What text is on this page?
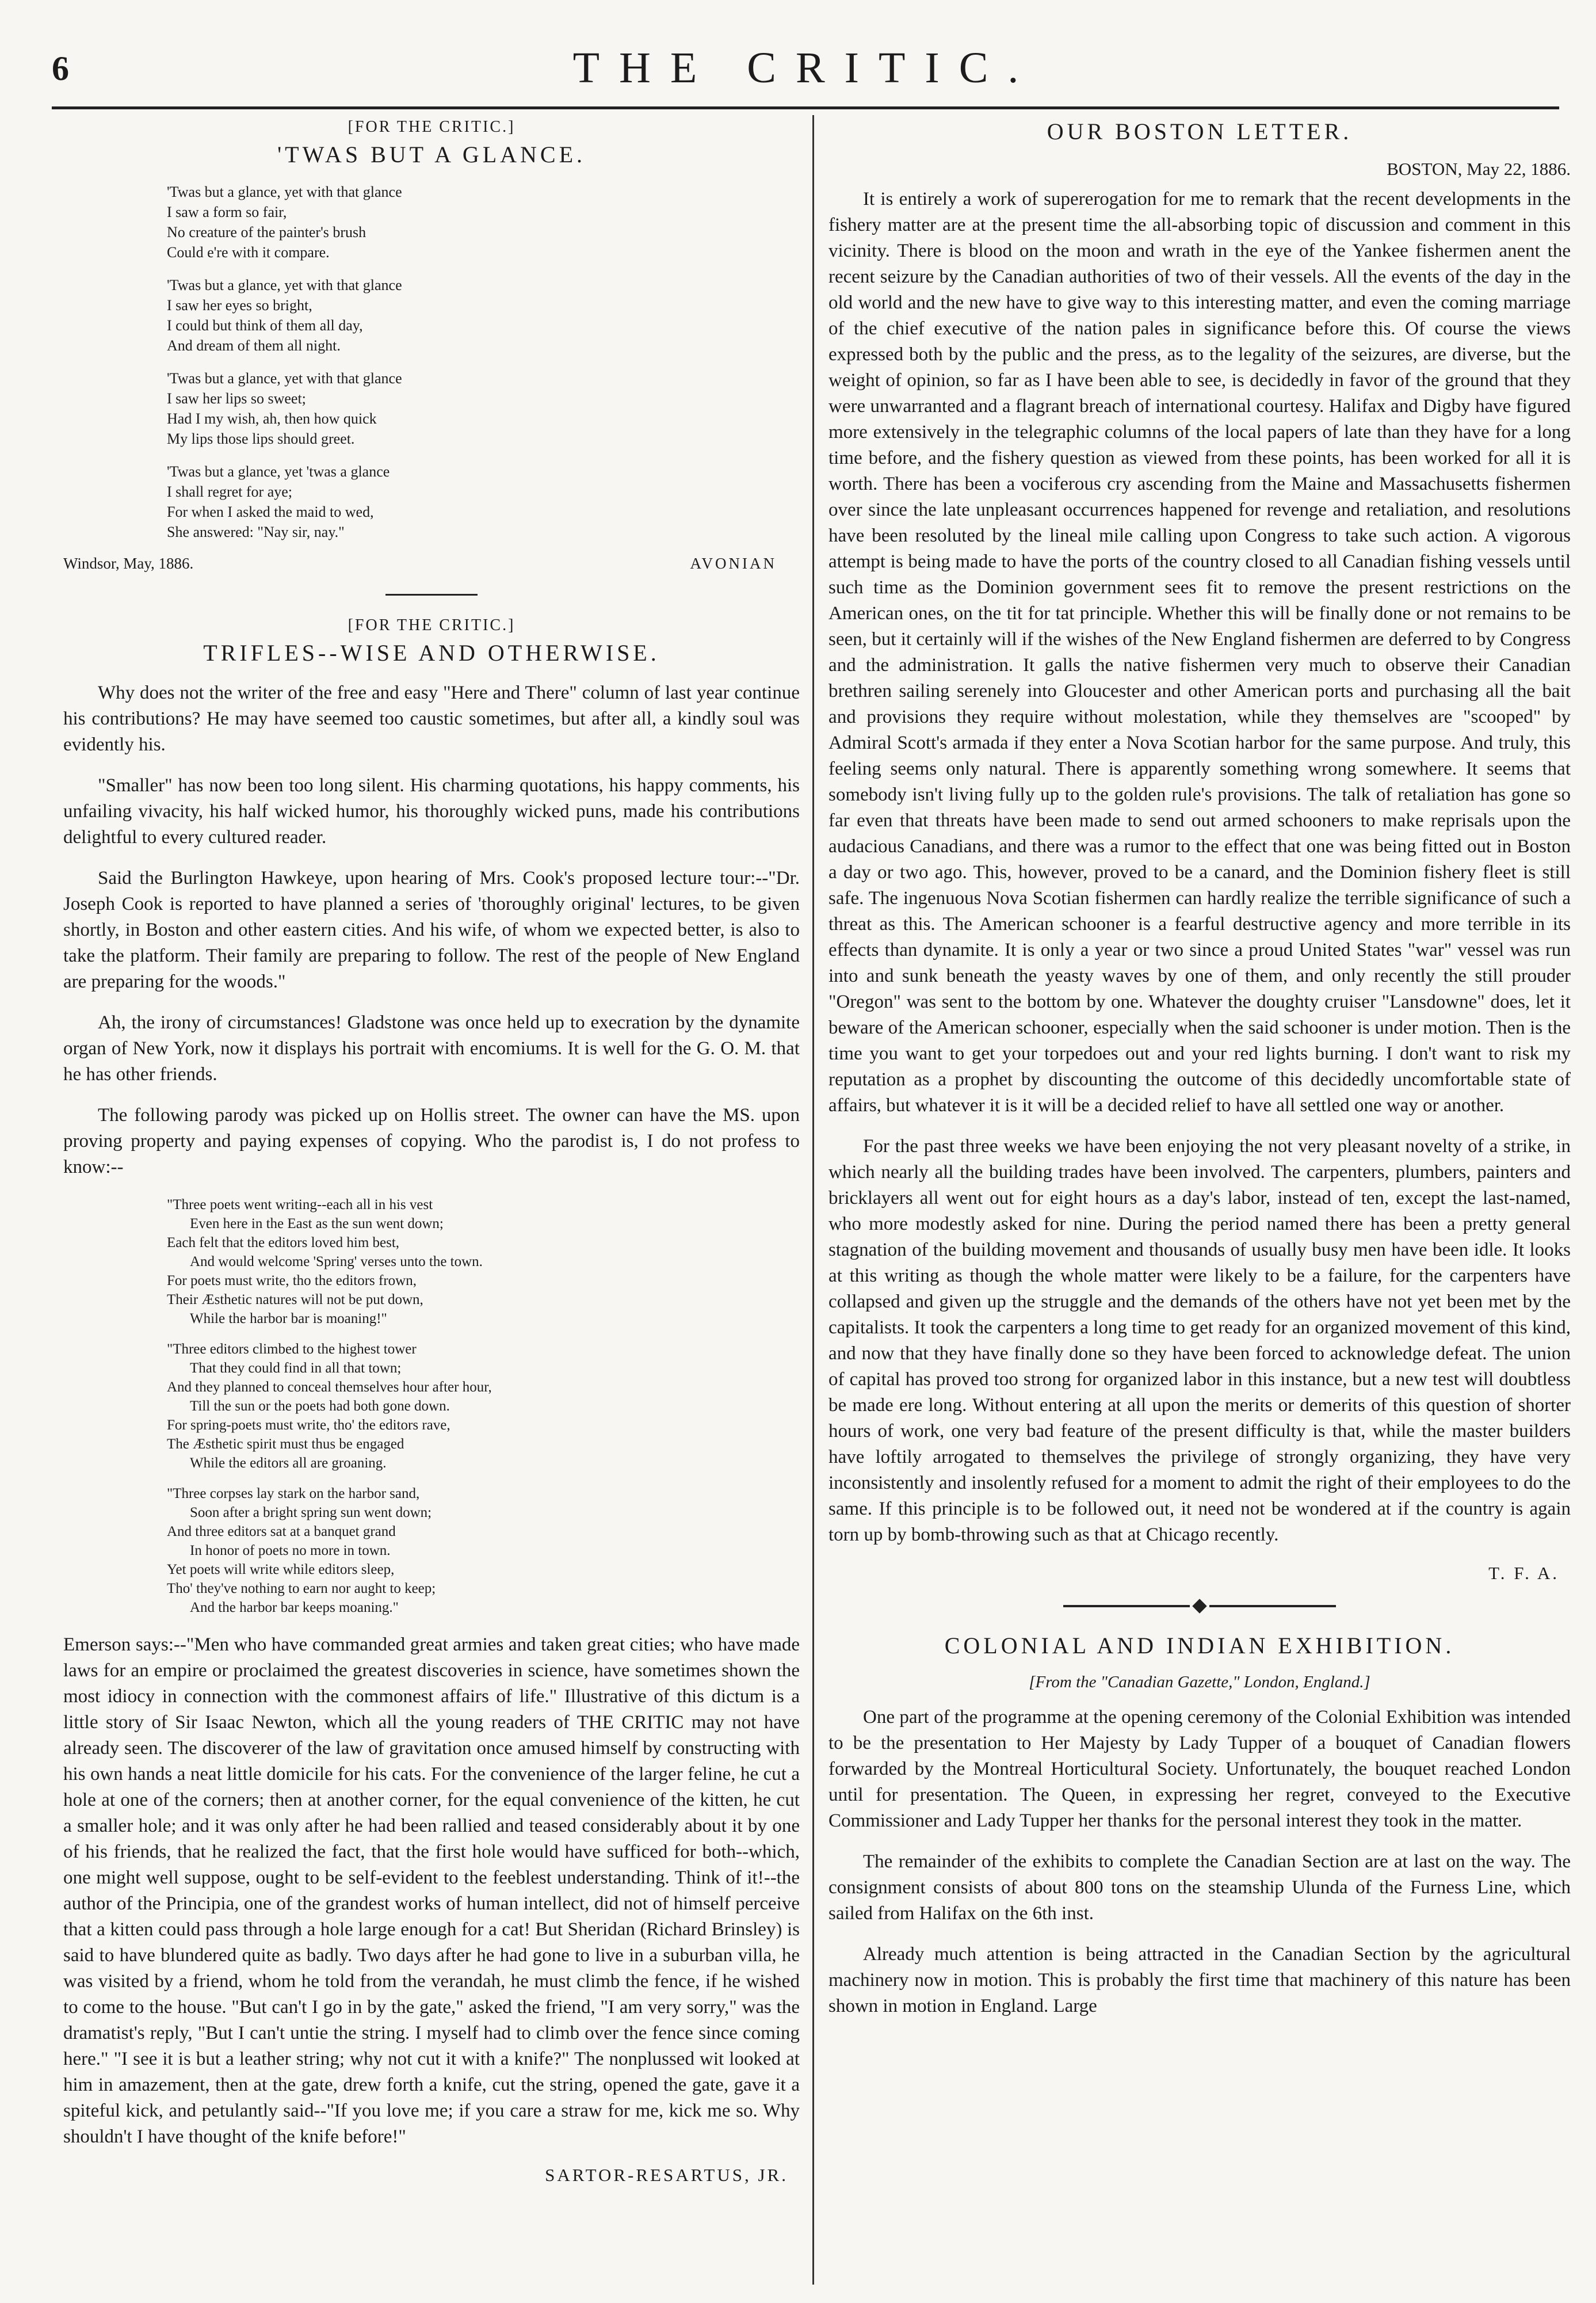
6	THE CRITIC.
[FOR THE CRITIC.]
'TWAS BUT A GLANCE.
'Twas but a glance, yet with that glance
I saw a form so fair,
No creature of the painter's brush
Could e're with it compare.
'Twas but a glance, yet with that glance
I saw her eyes so bright,
I could but think of them all day,
And dream of them all night.
'Twas but a glance, yet with that glance
I saw her lips so sweet;
Had I my wish, ah, then how quick
My lips those lips should greet.
'Twas but a glance, yet 'twas a glance
I shall regret for aye;
For when I asked the maid to wed,
She answered: "Nay sir, nay."
Windsor, May, 1886.	AVONIAN
[FOR THE CRITIC.]
TRIFLES--WISE AND OTHERWISE.

Why does not the writer of the free and easy "Here and There" column of last year continue his contributions? He may have seemed too caustic sometimes, but after all, a kindly soul was evidently his.

"Smaller" has now been too long silent. His charming quotations, his happy comments, his unfailing vivacity, his half wicked humor, his thoroughly wicked puns, made his contributions delightful to every cultured reader.

Said the Burlington Hawkeye, upon hearing of Mrs. Cook's proposed lecture tour:--"Dr. Joseph Cook is reported to have planned a series of 'thoroughly original' lectures, to be given shortly, in Boston and other eastern cities. And his wife, of whom we expected better, is also to take the platform. Their family are preparing to follow. The rest of the people of New England are preparing for the woods."

Ah, the irony of circumstances! Gladstone was once held up to execration by the dynamite organ of New York, now it displays his portrait with encomiums. It is well for the G. O. M. that he has other friends.

The following parody was picked up on Hollis street. The owner can have the MS. upon proving property and paying expenses of copying. Who the parodist is, I do not profess to know:--

"Three poets went writing--each all in his vest
Even here in the East as the sun went down;
Each felt that the editors loved him best,
And would welcome 'Spring' verses unto the town.
For poets must write, tho the editors frown,
Their Æsthetic natures will not be put down,
While the harbor bar is moaning!"
"Three editors climbed to the highest tower
That they could find in all that town;
And they planned to conceal themselves hour after hour,
Till the sun or the poets had both gone down.
For spring-poets must write, tho' the editors rave,
The Æsthetic spirit must thus be engaged
While the editors all are groaning.
"Three corpses lay stark on the harbor sand,
Soon after a bright spring sun went down;
And three editors sat at a banquet grand
In honor of poets no more in town.
Yet poets will write while editors sleep,
Tho' they've nothing to earn nor aught to keep;
And the harbor bar keeps moaning."

Emerson says:--"Men who have commanded great armies and taken great cities; who have made laws for an empire or proclaimed the greatest discoveries in science, have sometimes shown the most idiocy in connection with the commonest affairs of life." Illustrative of this dictum is a little story of Sir Isaac Newton, which all the young readers of THE CRITIC may not have already seen. The discoverer of the law of gravitation once amused himself by constructing with his own hands a neat little domicile for his cats. For the convenience of the larger feline, he cut a hole at one of the corners; then at another corner, for the equal convenience of the kitten, he cut a smaller hole; and it was only after he had been rallied and teased considerably about it by one of his friends, that he realized the fact, that the first hole would have sufficed for both--which, one might well suppose, ought to be self-evident to the feeblest understanding. Think of it!--the author of the Principia, one of the grandest works of human intellect, did not of himself perceive that a kitten could pass through a hole large enough for a cat! But Sheridan (Richard Brinsley) is said to have blundered quite as badly. Two days after he had gone to live in a suburban villa, he was visited by a friend, whom he told from the verandah, he must climb the fence, if he wished to come to the house. "But can't I go in by the gate," asked the friend, "I am very sorry," was the dramatist's reply, "But I can't untie the string. I myself had to climb over the fence since coming here." "I see it is but a leather string; why not cut it with a knife?" The nonplussed wit looked at him in amazement, then at the gate, drew forth a knife, cut the string, opened the gate, gave it a spiteful kick, and petulantly said--"If you love me; if you care a straw for me, kick me so. Why shouldn't I have thought of the knife before!"

SARTOR-RESARTUS, JR.
OUR BOSTON LETTER.
BOSTON, May 22, 1886.

It is entirely a work of supererogation for me to remark that the recent developments in the fishery matter are at the present time the all-absorbing topic of discussion and comment in this vicinity. There is blood on the moon and wrath in the eye of the Yankee fishermen anent the recent seizure by the Canadian authorities of two of their vessels. All the events of the day in the old world and the new have to give way to this interesting matter, and even the coming marriage of the chief executive of the nation pales in significance before this. Of course the views expressed both by the public and the press, as to the legality of the seizures, are diverse, but the weight of opinion, so far as I have been able to see, is decidedly in favor of the ground that they were unwarranted and a flagrant breach of international courtesy. Halifax and Digby have figured more extensively in the telegraphic columns of the local papers of late than they have for a long time before, and the fishery question as viewed from these points, has been worked for all it is worth. There has been a vociferous cry ascending from the Maine and Massachusetts fishermen over since the late unpleasant occurrences happened for revenge and retaliation, and resolutions have been resoluted by the lineal mile calling upon Congress to take such action. A vigorous attempt is being made to have the ports of the country closed to all Canadian fishing vessels until such time as the Dominion government sees fit to remove the present restrictions on the American ones, on the tit for tat principle. Whether this will be finally done or not remains to be seen, but it certainly will if the wishes of the New England fishermen are deferred to by Congress and the administration. It galls the native fishermen very much to observe their Canadian brethren sailing serenely into Gloucester and other American ports and purchasing all the bait and provisions they require without molestation, while they themselves are "scooped" by Admiral Scott's armada if they enter a Nova Scotian harbor for the same purpose. And truly, this feeling seems only natural. There is apparently something wrong somewhere. It seems that somebody isn't living fully up to the golden rule's provisions. The talk of retaliation has gone so far even that threats have been made to send out armed schooners to make reprisals upon the audacious Canadians, and there was a rumor to the effect that one was being fitted out in Boston a day or two ago. This, however, proved to be a canard, and the Dominion fishery fleet is still safe. The ingenuous Nova Scotian fishermen can hardly realize the terrible significance of such a threat as this. The American schooner is a fearful destructive agency and more terrible in its effects than dynamite. It is only a year or two since a proud United States "war" vessel was run into and sunk beneath the yeasty waves by one of them, and only recently the still prouder "Oregon" was sent to the bottom by one. Whatever the doughty cruiser "Lansdowne" does, let it beware of the American schooner, especially when the said schooner is under motion. Then is the time you want to get your torpedoes out and your red lights burning. I don't want to risk my reputation as a prophet by discounting the outcome of this decidedly uncomfortable state of affairs, but whatever it is it will be a decided relief to have all settled one way or another.

For the past three weeks we have been enjoying the not very pleasant novelty of a strike, in which nearly all the building trades have been involved. The carpenters, plumbers, painters and bricklayers all went out for eight hours as a day's labor, instead of ten, except the last-named, who more modestly asked for nine. During the period named there has been a pretty general stagnation of the building movement and thousands of usually busy men have been idle. It looks at this writing as though the whole matter were likely to be a failure, for the carpenters have collapsed and given up the struggle and the demands of the others have not yet been met by the capitalists. It took the carpenters a long time to get ready for an organized movement of this kind, and now that they have finally done so they have been forced to acknowledge defeat. The union of capital has proved too strong for organized labor in this instance, but a new test will doubtless be made ere long. Without entering at all upon the merits or demerits of this question of shorter hours of work, one very bad feature of the present difficulty is that, while the master builders have loftily arrogated to themselves the privilege of strongly organizing, they have very inconsistently and insolently refused for a moment to admit the right of their employees to do the same. If this principle is to be followed out, it need not be wondered at if the country is again torn up by bomb-throwing such as that at Chicago recently.

T. F. A.
COLONIAL AND INDIAN EXHIBITION.
[From the "Canadian Gazette," London, England.]

One part of the programme at the opening ceremony of the Colonial Exhibition was intended to be the presentation to Her Majesty by Lady Tupper of a bouquet of Canadian flowers forwarded by the Montreal Horticultural Society. Unfortunately, the bouquet reached London until for presentation. The Queen, in expressing her regret, conveyed to the Executive Commissioner and Lady Tupper her thanks for the personal interest they took in the matter.

The remainder of the exhibits to complete the Canadian Section are at last on the way. The consignment consists of about 800 tons on the steamship Ulunda of the Furness Line, which sailed from Halifax on the 6th inst.

Already much attention is being attracted in the Canadian Section by the agricultural machinery now in motion. This is probably the first time that machinery of this nature has been shown in motion in England. Large
